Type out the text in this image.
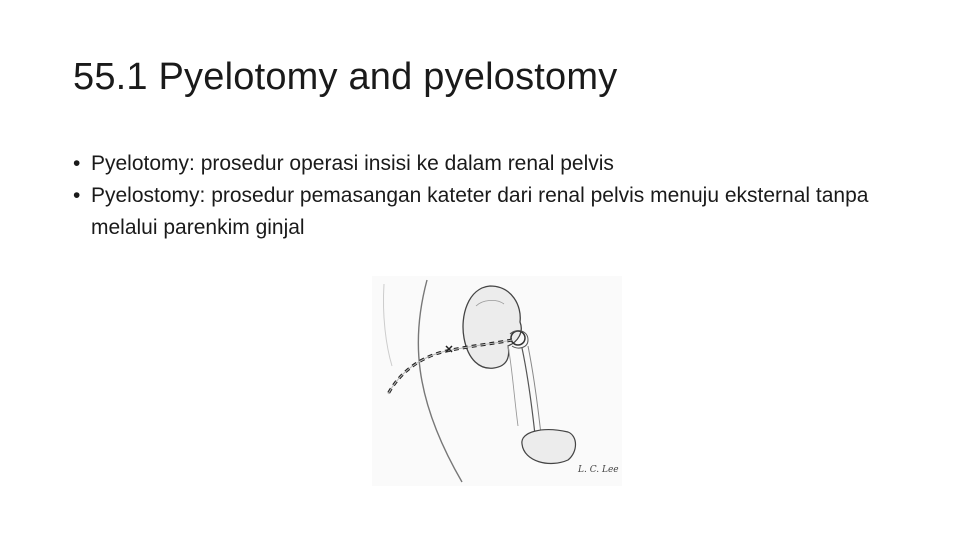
55.1 Pyelotomy and pyelostomy
• Pyelotomy: prosedur operasi insisi ke dalam renal pelvis
• Pyelostomy: prosedur pemasangan kateter dari renal pelvis menuju eksternal tanpa melalui parenkim ginjal
L. C. Lee
